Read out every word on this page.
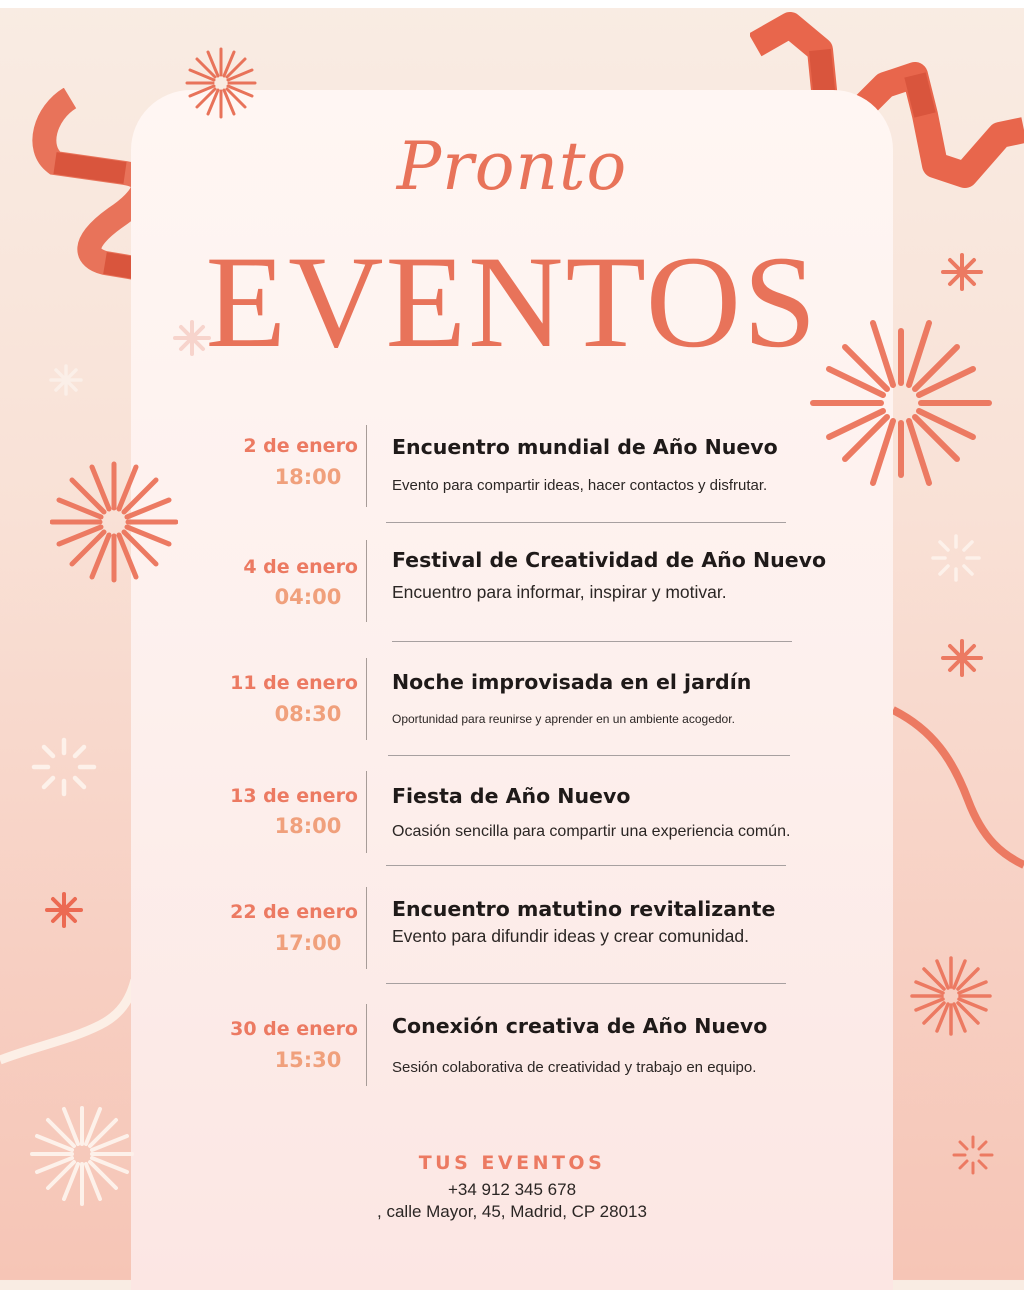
Pronto
EVENTOS
2 de enero
18:00
Encuentro mundial de Año Nuevo
Evento para compartir ideas, hacer contactos y disfrutar.
4 de enero
04:00
Festival de Creatividad de Año Nuevo
Encuentro para informar, inspirar y motivar.
11 de enero
08:30
Noche improvisada en el jardín
Oportunidad para reunirse y aprender en un ambiente acogedor.
13 de enero
18:00
Fiesta de Año Nuevo
Ocasión sencilla para compartir una experiencia común.
22 de enero
17:00
Encuentro matutino revitalizante
Evento para difundir ideas y crear comunidad.
30 de enero
15:30
Conexión creativa de Año Nuevo
Sesión colaborativa de creatividad y trabajo en equipo.
TUS EVENTOS
+34 912 345 678
, calle Mayor, 45, Madrid, CP 28013
